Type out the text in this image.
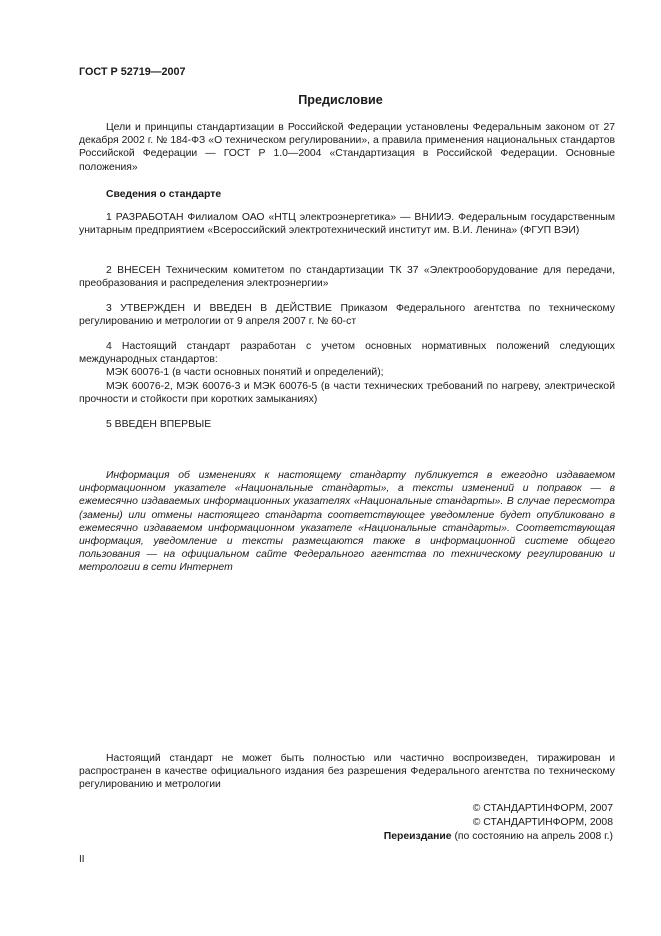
ГОСТ Р 52719—2007
Предисловие

Цели и принципы стандартизации в Российской Федерации установлены Федеральным законом от 27 декабря 2002 г. № 184-ФЗ «О техническом регулировании», а правила применения национальных стандартов Российской Федерации — ГОСТ Р 1.0—2004 «Стандартизация в Российской Федерации. Основные положения»

Сведения о стандарте

1 РАЗРАБОТАН Филиалом ОАО «НТЦ электроэнергетика» — ВНИИЭ. Федеральным государственным унитарным предприятием «Всероссийский электротехнический институт им. В.И. Ленина» (ФГУП ВЭИ)

2 ВНЕСЕН Техническим комитетом по стандартизации ТК 37 «Электрооборудование для передачи, преобразования и распределения электроэнергии»

3 УТВЕРЖДЕН И ВВЕДЕН В ДЕЙСТВИЕ Приказом Федерального агентства по техническому регулированию и метрологии от 9 апреля 2007 г. № 60-ст

4 Настоящий стандарт разработан с учетом основных нормативных положений следующих международных стандартов:

МЭК 60076-1 (в части основных понятий и определений);

МЭК 60076-2, МЭК 60076-3 и МЭК 60076-5 (в части технических требований по нагреву, электрической прочности и стойкости при коротких замыканиях)

5 ВВЕДЕН ВПЕРВЫЕ

Информация об изменениях к настоящему стандарту публикуется в ежегодно издаваемом информационном указателе «Национальные стандарты», а тексты изменений и поправок — в ежемесячно издаваемых информационных указателях «Национальные стандарты». В случае пересмотра (замены) или отмены настоящего стандарта соответствующее уведомление будет опубликовано в ежемесячно издаваемом информационном указателе «Национальные стандарты». Соответствующая информация, уведомление и тексты размещаются также в информационной системе общего пользования — на официальном сайте Федерального агентства по техническому регулированию и метрологии в сети Интернет

Настоящий стандарт не может быть полностью или частично воспроизведен, тиражирован и распространен в качестве официального издания без разрешения Федерального агентства по техническому регулированию и метрологии

© СТАНДАРТИНФОРМ, 2007
© СТАНДАРТИНФОРМ, 2008
Переиздание (по состоянию на апрель 2008 г.)
II
